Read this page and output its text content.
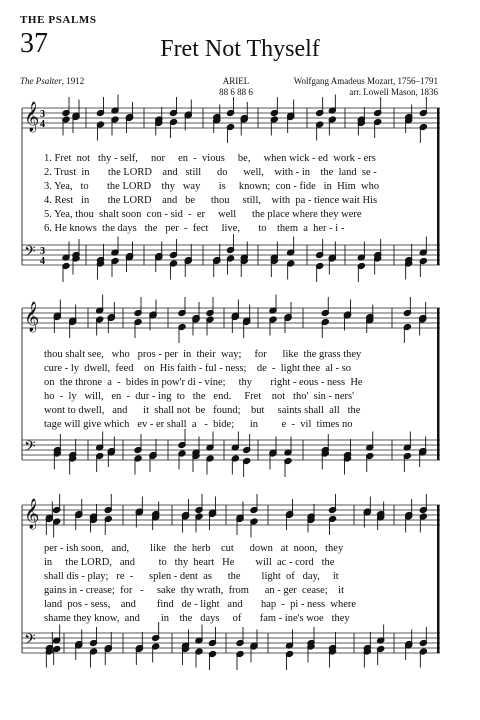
THE PSALMS
37	Fret Not Thyself
The Psalter, 1912	ARIEL
88 6 88 6
Wolfgang Amadeus Mozart, 1756–1791
arr. Lowell Mason, 1836
𝄞
𝄢
3
4
3
4
𝄞
𝄢
𝄞
𝄢
1. Fret  not   thy - self,     nor     en  -  vious     be,     when wick - ed  work - ers
2. Trust  in       the LORD    and   still      do      well,    with - in    the  land  se -
3. Yea,   to       the LORD    thy   way       is     known;  con - fide   in  Him  who
4. Rest   in       the LORD    and   be      thou     still,    with  pa - tience wait His
5. Yea, thou  shalt soon  con - sid  -  er     well      the place where they were
6. He knows  the days   the   per  -  fect     live,       to    them  a  her - i -
thou shalt see,   who   pros - per  in  their  way;     for      like  the grass they
cure - ly  dwell,  feed    on  His faith - ful - ness;    de  -  light thee  al - so
on  the throne  a  -  bides in pow'r di - vine;     thy       right - eous - ness  He
ho  -  ly   will,   en  -  dur - ing  to   the   end.     Fret    not   tho'  sin - ners'
wont to dwell,   and      it  shall not  be   found;    but     saints shall  all   the
tage will give which   ev - er shall  a   -  bide;      in         e  -  vil  times no
per - ish soon,   and,        like   the  herb    cut      down   at  noon,   they
in     the LORD,   and         to   thy  heart   He        will  ac - cord   the
shall dis - play;   re  -      splen - dent  as      the        light  of   day,     it
gains in - crease;  for   -     sake  thy wrath,  from      an - ger  cease;    it
land  pos - sess,    and        find   de - light   and       hap  -  pi - ness  where
shame they know,  and        in    the   days     of       fam - ine's woe   they
